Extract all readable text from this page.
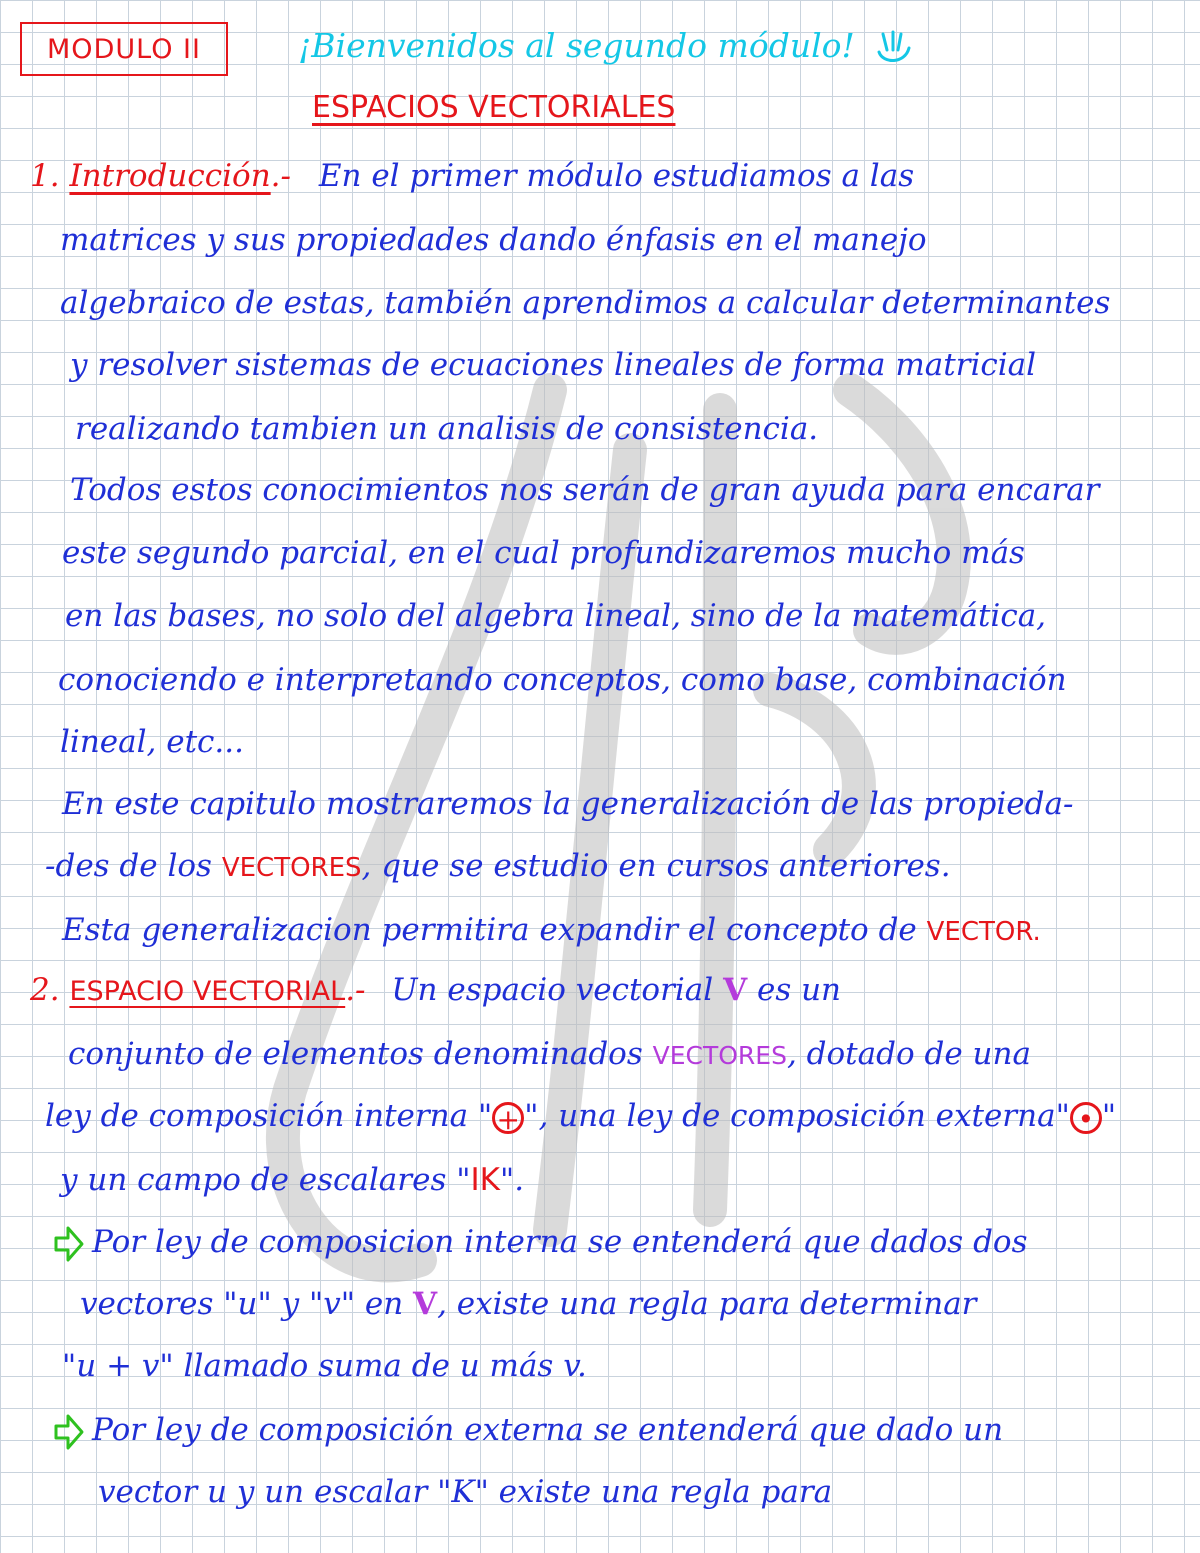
MODULO II	¡Bienvenidos al segundo módulo!
ESPACIOS VECTORIALES
1. Introducción.- En el primer módulo estudiamos a las
matrices y sus propiedades dando énfasis en el manejo
algebraico de estas, también aprendimos a calcular determinantes
y resolver sistemas de ecuaciones lineales de forma matricial
realizando tambien un analisis de consistencia.
Todos estos conocimientos nos serán de gran ayuda para encarar
este segundo parcial, en el cual profundizaremos mucho más
en las bases, no solo del algebra lineal, sino de la matemática,
conociendo e interpretando conceptos, como base, combinación
lineal, etc...
En este capitulo mostraremos la generalización de las propieda-
-des de los VECTORES, que se estudio en cursos anteriores.
Esta generalizacion permitira expandir el concepto de VECTOR.
2. ESPACIO VECTORIAL.- Un espacio vectorial V es un
conjunto de elementos denominados VECTORES, dotado de una
ley de composición interna " + ", una ley de composición externa" • "
y un campo de escalares "IK".
Por ley de composicion interna se entenderá que dados dos
vectores "u" y "v" en V, existe una regla para determinar
"u + v" llamado suma de u más v.
Por ley de composición externa se entenderá que dado un
vector u y un escalar "K" existe una regla para
